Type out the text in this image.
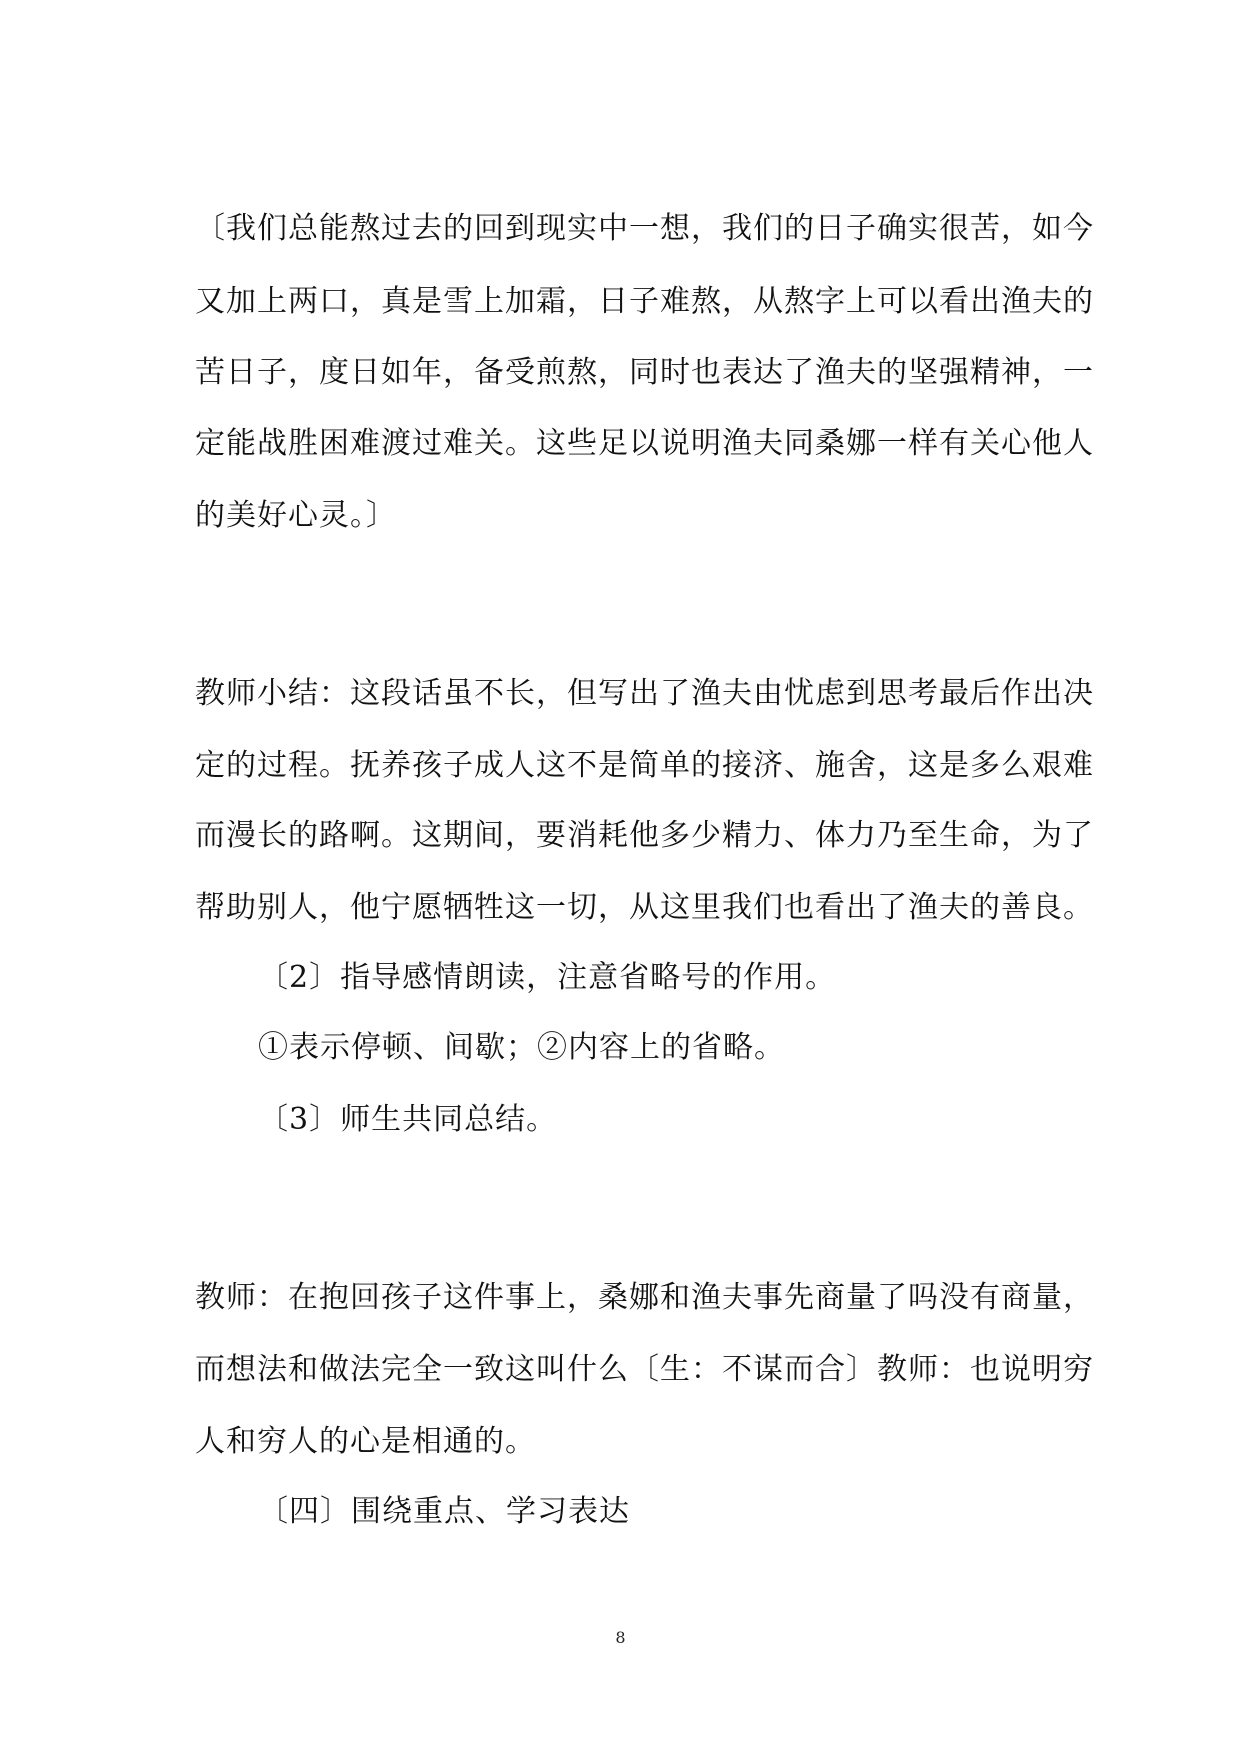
〔我们总能熬过去的回到现实中一想，我们的日子确实很苦，如今
又加上两口，真是雪上加霜，日子难熬，从熬字上可以看出渔夫的
苦日子，度日如年，备受煎熬，同时也表达了渔夫的坚强精神，一
定能战胜困难渡过难关。这些足以说明渔夫同桑娜一样有关心他人
的美好心灵。〕
教师小结：这段话虽不长，但写出了渔夫由忧虑到思考最后作出决
定的过程。抚养孩子成人这不是简单的接济、施舍，这是多么艰难
而漫长的路啊。这期间，要消耗他多少精力、体力乃至生命，为了
帮助别人，他宁愿牺牲这一切，从这里我们也看出了渔夫的善良。
〔2〕指导感情朗读，注意省略号的作用。
①表示停顿、间歇；②内容上的省略。
〔3〕师生共同总结。
教师：在抱回孩子这件事上，桑娜和渔夫事先商量了吗没有商量，
而想法和做法完全一致这叫什么〔生：不谋而合〕教师：也说明穷
人和穷人的心是相通的。
〔四〕围绕重点、学习表达
8
